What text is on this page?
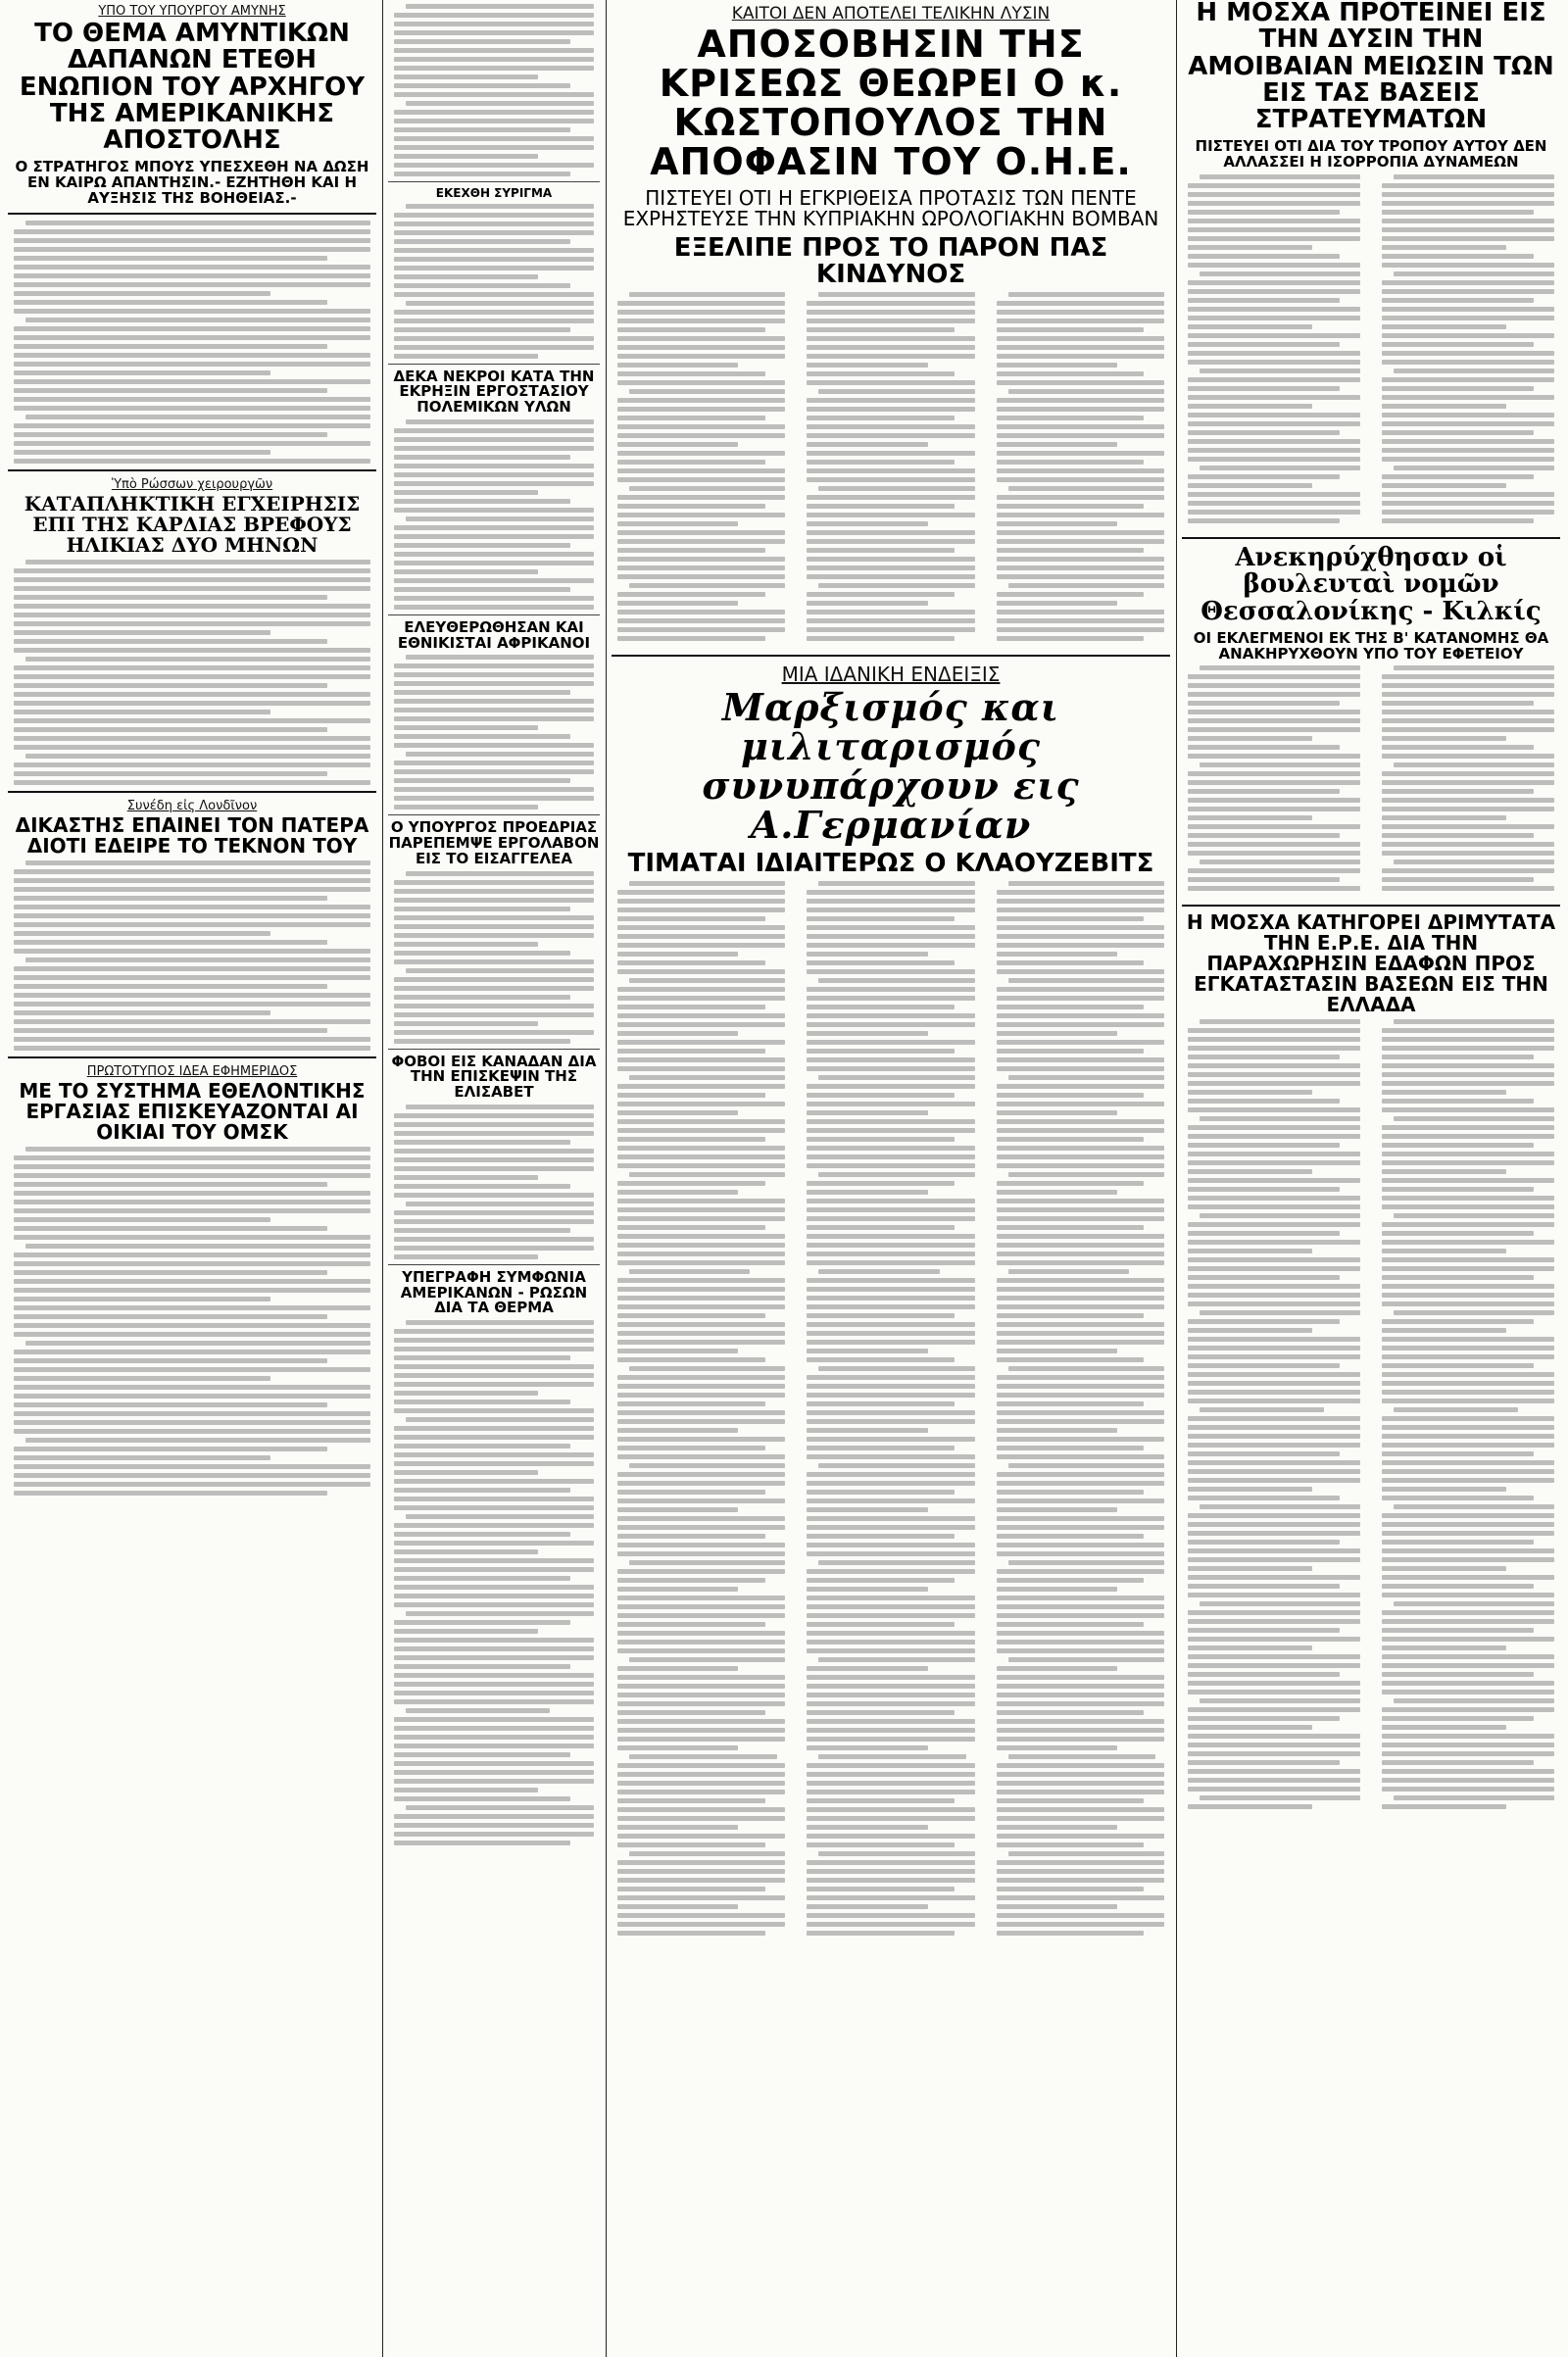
ΥΠΟ ΤΟΥ ΥΠΟΥΡΓΟΥ ΑΜΥΝΗΣ
ΤΟ ΘΕΜΑ ΑΜΥΝΤΙΚΩΝ ΔΑΠΑΝΩΝ ΕΤΕΘΗ ΕΝΩΠΙΟΝ ΤΟΥ ΑΡΧΗΓΟΥ ΤΗΣ ΑΜΕΡΙΚΑΝΙΚΗΣ ΑΠΟΣΤΟΛΗΣ
Ο ΣΤΡΑΤΗΓΟΣ ΜΠΟΥΣ ΥΠΕΣΧΕΘΗ ΝΑ ΔΩΣΗ ΕΝ ΚΑΙΡΩ ΑΠΑΝΤΗΣΙΝ.- ΕΖΗΤΗΘΗ ΚΑΙ Η ΑΥΞΗΣΙΣ ΤΗΣ ΒΟΗΘΕΙΑΣ.-
Ὑπὸ Ρώσσων χειρουργῶν
ΚΑΤΑΠΛΗΚΤΙΚΗ ΕΓΧΕΙΡΗΣΙΣ ΕΠΙ ΤΗΣ ΚΑΡΔΙΑΣ ΒΡΕΦΟΥΣ ΗΛΙΚΙΑΣ ΔΥΟ ΜΗΝΩΝ
Συνέδη εἰς Λονδῖνον
ΔΙΚΑΣΤΗΣ ΕΠΑΙΝΕΙ ΤΟΝ ΠΑΤΕΡΑ ΔΙΟΤΙ ΕΔΕΙΡΕ ΤΟ ΤΕΚΝΟΝ ΤΟΥ
ΠΡΩΤΟΤΥΠΟΣ ΙΔΕΑ ΕΦΗΜΕΡΙΔΟΣ
ΜΕ ΤΟ ΣΥΣΤΗΜΑ ΕΘΕΛΟΝΤΙΚΗΣ ΕΡΓΑΣΙΑΣ ΕΠΙΣΚΕΥΑΖΟΝΤΑΙ ΑΙ ΟΙΚΙΑΙ ΤΟΥ ΟΜΣΚ
ΕΚΕΧΘΗ ΣΥΡΙΓΜΑ
ΔΕΚΑ ΝΕΚΡΟΙ ΚΑΤΑ ΤΗΝ ΕΚΡΗΞΙΝ ΕΡΓΟΣΤΑΣΙΟΥ ΠΟΛΕΜΙΚΩΝ ΥΛΩΝ
ΕΛΕΥΘΕΡΩΘΗΣΑΝ ΚΑΙ ΕΘΝΙΚΙΣΤΑΙ ΑΦΡΙΚΑΝΟΙ
Ο ΥΠΟΥΡΓΟΣ ΠΡΟΕΔΡΙΑΣ ΠΑΡΕΠΕΜΨΕ ΕΡΓΟΛΑΒΟΝ ΕΙΣ ΤΟ ΕΙΣΑΓΓΕΛΕΑ
ΦΟΒΟΙ ΕΙΣ ΚΑΝΑΔΑΝ ΔΙΑ ΤΗΝ ΕΠΙΣΚΕΨΙΝ ΤΗΣ ΕΛΙΣΑΒΕΤ
ΥΠΕΓΡΑΦΗ ΣΥΜΦΩΝΙΑ ΑΜΕΡΙΚΑΝΩΝ - ΡΩΣΩΝ ΔΙΑ ΤΑ ΘΕΡΜΑ
ΚΑΙΤΟΙ ΔΕΝ ΑΠΟΤΕΛΕΙ ΤΕΛΙΚΗΝ ΛΥΣΙΝ
ΑΠΟΣΟΒΗΣΙΝ ΤΗΣ ΚΡΙΣΕΩΣ ΘΕΩΡΕΙ Ο κ. ΚΩΣΤΟΠΟΥΛΟΣ ΤΗΝ ΑΠΟΦΑΣΙΝ ΤΟΥ Ο.Η.Ε.
ΠΙΣΤΕΥΕΙ ΟΤΙ Η ΕΓΚΡΙΘΕΙΣΑ ΠΡΟΤΑΣΙΣ ΤΩΝ ΠΕΝΤΕ ΕΧΡΗΣΤΕΥΣΕ ΤΗΝ ΚΥΠΡΙΑΚΗΝ ΩΡΟΛΟΓΙΑΚΗΝ ΒΟΜΒΑΝ
ΕΞΕΛΙΠΕ ΠΡΟΣ ΤΟ ΠΑΡΟΝ ΠΑΣ ΚΙΝΔΥΝΟΣ
ΜΙΑ ΙΔΑΝΙΚΗ ΕΝΔΕΙΞΙΣ
Μαρξισμός και μιλιταρισμός συνυπάρχουν εις Α.Γερμανίαν
ΤΙΜΑΤΑΙ ΙΔΙΑΙΤΕΡΩΣ Ο ΚΛΑΟΥΖΕΒΙΤΣ
Η ΜΟΣΧΑ ΠΡΟΤΕΙΝΕΙ ΕΙΣ ΤΗΝ ΔΥΣΙΝ ΤΗΝ ΑΜΟΙΒΑΙΑΝ ΜΕΙΩΣΙΝ ΤΩΝ ΕΙΣ ΤΑΣ ΒΑΣΕΙΣ ΣΤΡΑΤΕΥΜΑΤΩΝ
ΠΙΣΤΕΥΕΙ ΟΤΙ ΔΙΑ ΤΟΥ ΤΡΟΠΟΥ ΑΥΤΟΥ ΔΕΝ ΑΛΛΑΣΣΕΙ Η ΙΣΟΡΡΟΠΙΑ ΔΥΝΑΜΕΩΝ
Ανεκηρύχθησαν οἱ βουλευταὶ νομῶν Θεσσαλονίκης - Κιλκίς
ΟΙ ΕΚΛΕΓΜΕΝΟΙ ΕΚ ΤΗΣ Β' ΚΑΤΑΝΟΜΗΣ ΘΑ ΑΝΑΚΗΡΥΧΘΟΥΝ ΥΠΟ ΤΟΥ ΕΦΕΤΕΙΟΥ
Η ΜΟΣΧΑ ΚΑΤΗΓΟΡΕΙ ΔΡΙΜΥΤΑΤΑ ΤΗΝ Ε.Ρ.Ε. ΔΙΑ ΤΗΝ ΠΑΡΑΧΩΡΗΣΙΝ ΕΔΑΦΩΝ ΠΡΟΣ ΕΓΚΑΤΑΣΤΑΣΙΝ ΒΑΣΕΩΝ ΕΙΣ ΤΗΝ ΕΛΛΑΔΑ
